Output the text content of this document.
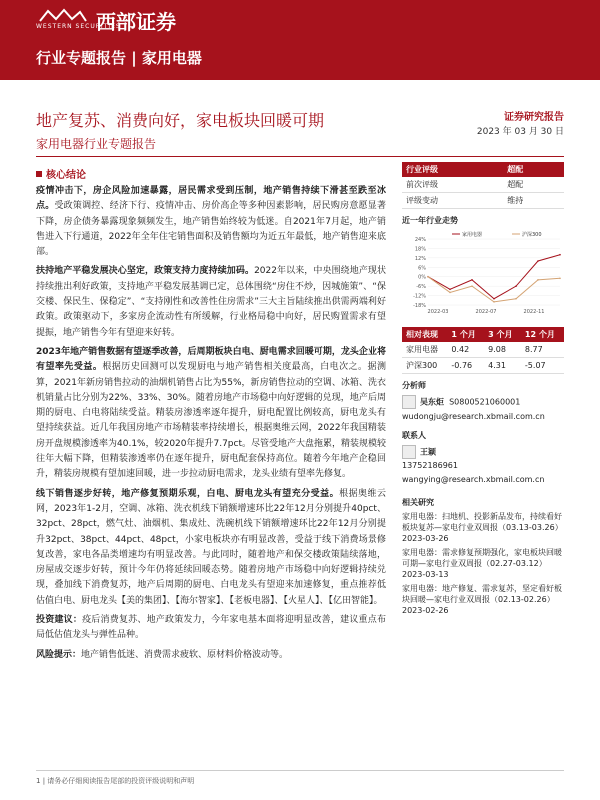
WESTERN SECURITIES
西部证券
行业专题报告 | 家用电器
地产复苏、消费向好，家电板块回暖可期
家用电器行业专题报告
证券研究报告
2023 年 03 月 30 日
核心结论

疫情冲击下，房企风险加速暴露，居民需求受到压制，地产销售持续下滑甚至跌至冰点。受政策调控、经济下行、疫情冲击、房价高企等多种因素影响，居民购房意愿显著下降，房企债务暴露现象频频发生，地产销售始终较为低迷。自2021年7月起，地产销售进入下行通道，2022年全年住宅销售面积及销售额均为近五年最低，地产销售迎来底部。

扶持地产平稳发展决心坚定，政策支持力度持续加码。2022年以来，中央围绕地产现状持续推出利好政策，支持地产平稳发展基调已定，总体围绕“房住不炒，因城施策”、“保交楼、保民生、保稳定”、“支持刚性和改善性住房需求”三大主旨陆续推出供需两端利好政策。政策驱动下，多家房企流动性有所缓解，行业格局稳中向好，居民购置需求有望提振，地产销售今年有望迎来好转。

2023年地产销售数据有望逐季改善，后周期板块白电、厨电需求回暖可期，龙头企业将有望率先受益。根据历史回测可以发现厨电与地产销售相关度最高，白电次之。据测算，2021年新房销售拉动的油烟机销售占比为55%，新房销售拉动的空调、冰箱、洗衣机销量占比分别为22%、33%、30%。随着房地产市场稳中向好逻辑的兑现，地产后周期的厨电、白电将陆续受益。精装房渗透率逐年提升，厨电配置比例较高，厨电龙头有望持续获益。近几年我国房地产市场精装率持续增长，根据奥维云网，2022年我国精装房开盘规模渗透率为40.1%，较2020年提升7.7pct。尽管受地产大盘拖累，精装规模较往年大幅下降，但精装渗透率仍在逐年提升，厨电配套保持高位。随着今年地产企稳回升，精装房规模有望加速回暖，进一步拉动厨电需求，龙头业绩有望率先修复。

线下销售逐步好转，地产修复预期乐观，白电、厨电龙头有望充分受益。根据奥维云网，2023年1-2月，空调、冰箱、洗衣机线下销额增速环比22年12月分别提升40pct、32pct、28pct，燃气灶、油烟机、集成灶、洗碗机线下销额增速环比22年12月分别提升32pct、38pct、44pct、48pct，小家电板块亦有明显改善，受益于线下消费场景修复改善，家电各品类增速均有明显改善。与此同时，随着地产和保交楼政策陆续落地，房屋成交逐步好转，预计今年仍将延续回暖态势。随着房地产市场稳中向好逻辑持续兑现，叠加线下消费复苏，地产后周期的厨电、白电龙头有望迎来加速修复，重点推荐低估值白电、厨电龙头【美的集团】、【海尔智家】、【老板电器】、【火星人】、【亿田智能】。

投资建议：疫后消费复苏、地产政策发力，今年家电基本面将迎明显改善，建议重点布局低估值龙头与弹性品种。

风险提示：地产销售低迷、消费需求疲软、原材料价格波动等。

行业评级	超配
前次评级	超配
评级变动	维持
近一年行业走势
24%
18%
12%
6%
0%
-6%
-12%
-18%
2022-03	2022-07	2022-11
家用电器	沪深300
相对表现	1 个月	3 个月	12 个月
家用电器	0.42	9.08	8.77
沪深300	-0.76	4.31	-5.07
分析师
吴东炬 S0800521060001
wudongju@research.xbmail.com.cn
联系人
王颖
13752186961
wangying@research.xbmail.com.cn
相关研究
家用电器：扫地机、投影新品发布，持续看好板块复苏—家电行业双周报（03.13-03.26）
2023-03-26
家用电器：需求修复预期强化，家电板块回暖可期—家电行业双周报（02.27-03.12）
2023-03-13
家用电器：地产修复、需求复苏，坚定看好板块回暖—家电行业双周报（02.13-02.26）
2023-02-26
1 | 请务必仔细阅读报告尾部的投资评级说明和声明
